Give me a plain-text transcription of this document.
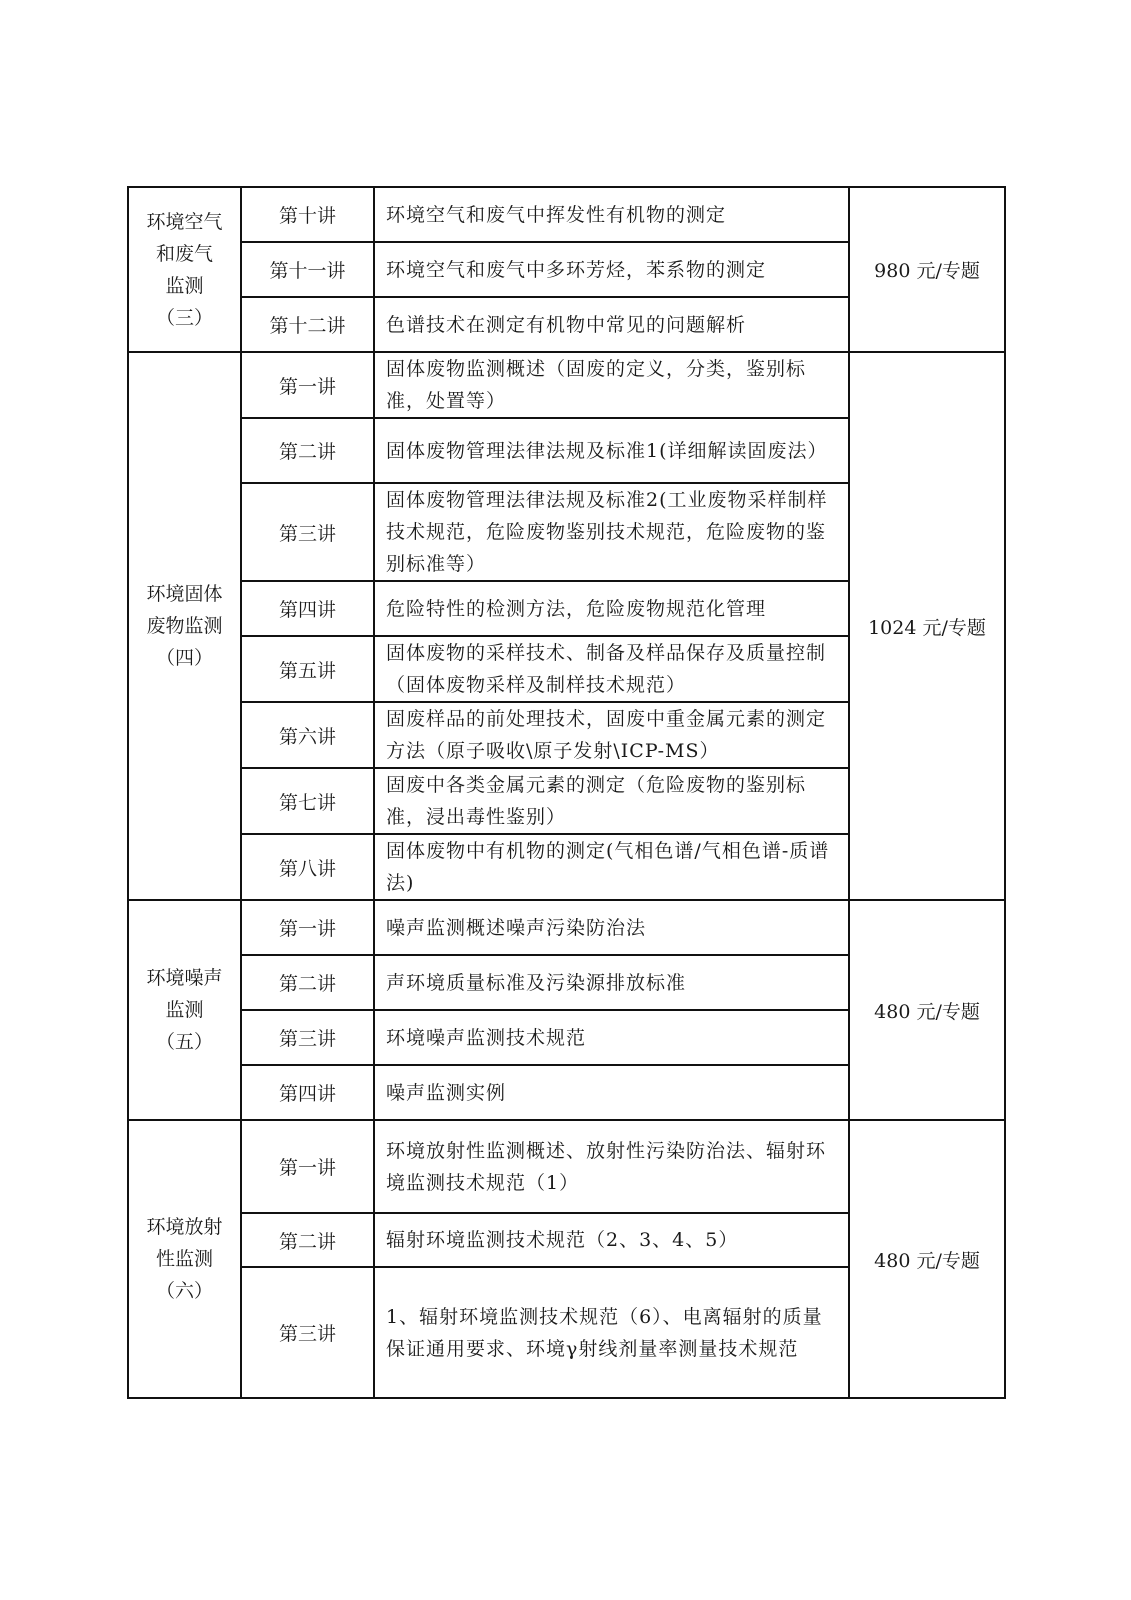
环境空气
和废气
监测
（三）	第十讲	环境空气和废气中挥发性有机物的测定	980 元/专题
	第十一讲	环境空气和废气中多环芳烃，苯系物的测定	
	第十二讲	色谱技术在测定有机物中常见的问题解析	

环境固体
废物监测
（四）	第一讲	固体废物监测概述（固废的定义，分类，鉴别标准，处置等）	1024 元/专题
	第二讲	固体废物管理法律法规及标准1(详细解读固废法）	
	第三讲	固体废物管理法律法规及标准2(工业废物采样制样技术规范，危险废物鉴别技术规范，危险废物的鉴别标准等）	
	第四讲	危险特性的检测方法，危险废物规范化管理	
	第五讲	固体废物的采样技术、制备及样品保存及质量控制（固体废物采样及制样技术规范）	
	第六讲	固废样品的前处理技术，固废中重金属元素的测定方法（原子吸收\原子发射\ICP-MS）	
	第七讲	固废中各类金属元素的测定（危险废物的鉴别标准，浸出毒性鉴别）	
	第八讲	固体废物中有机物的测定(气相色谱/气相色谱-质谱法)	

环境噪声
监测
（五）	第一讲	噪声监测概述噪声污染防治法	480 元/专题
	第二讲	声环境质量标准及污染源排放标准	
	第三讲	环境噪声监测技术规范	
	第四讲	噪声监测实例	

环境放射
性监测
（六）	第一讲	环境放射性监测概述、放射性污染防治法、辐射环境监测技术规范（1）	480 元/专题
	第二讲	辐射环境监测技术规范（2、3、4、5）	
	第三讲	1、辐射环境监测技术规范（6）、电离辐射的质量保证通用要求、环境γ射线剂量率测量技术规范	
